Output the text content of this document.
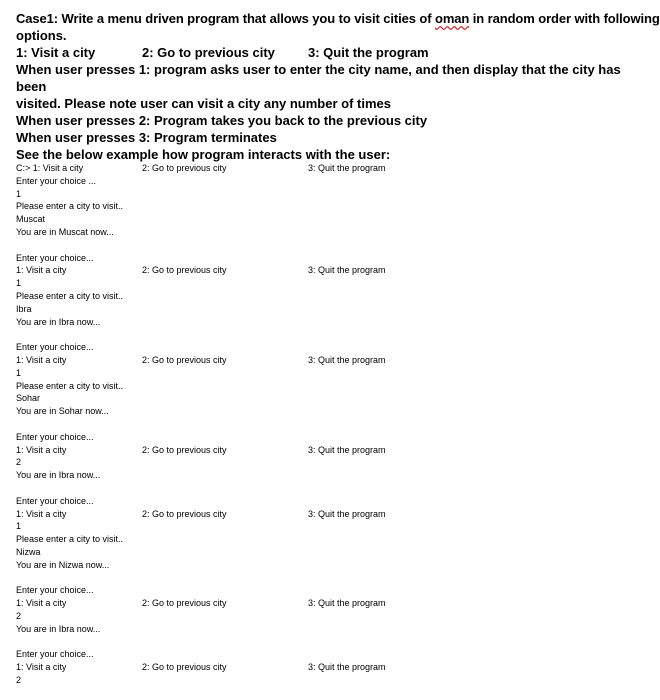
Case1: Write a menu driven program that allows you to visit cities of oman in random order with following
options.
1: Visit a city	2: Go to previous city	3: Quit the program
When user presses 1: program asks user to enter the city name, and then display that the city has been
visited. Please note user can visit a city any number of times
When user presses 2: Program takes you back to the previous city
When user presses 3: Program terminates
See the below example how program interacts with the user:
C:> 1: Visit a city	2: Go to previous city	3: Quit the program
Enter your choice ...
1
Please enter a city to visit..
Muscat
You are in Muscat now...
Enter your choice...
1: Visit a city	2: Go to previous city	3: Quit the program
1
Please enter a city to visit..
Ibra
You are in Ibra now...
Enter your choice...
1: Visit a city	2: Go to previous city	3: Quit the program
1
Please enter a city to visit..
Sohar
You are in Sohar now...
Enter your choice...
1: Visit a city	2: Go to previous city	3: Quit the program
2
You are in Ibra now...
Enter your choice...
1: Visit a city	2: Go to previous city	3: Quit the program
1
Please enter a city to visit..
Nizwa
You are in Nizwa now...
Enter your choice...
1: Visit a city	2: Go to previous city	3: Quit the program
2
You are in Ibra now...
Enter your choice...
1: Visit a city	2: Go to previous city	3: Quit the program
2
